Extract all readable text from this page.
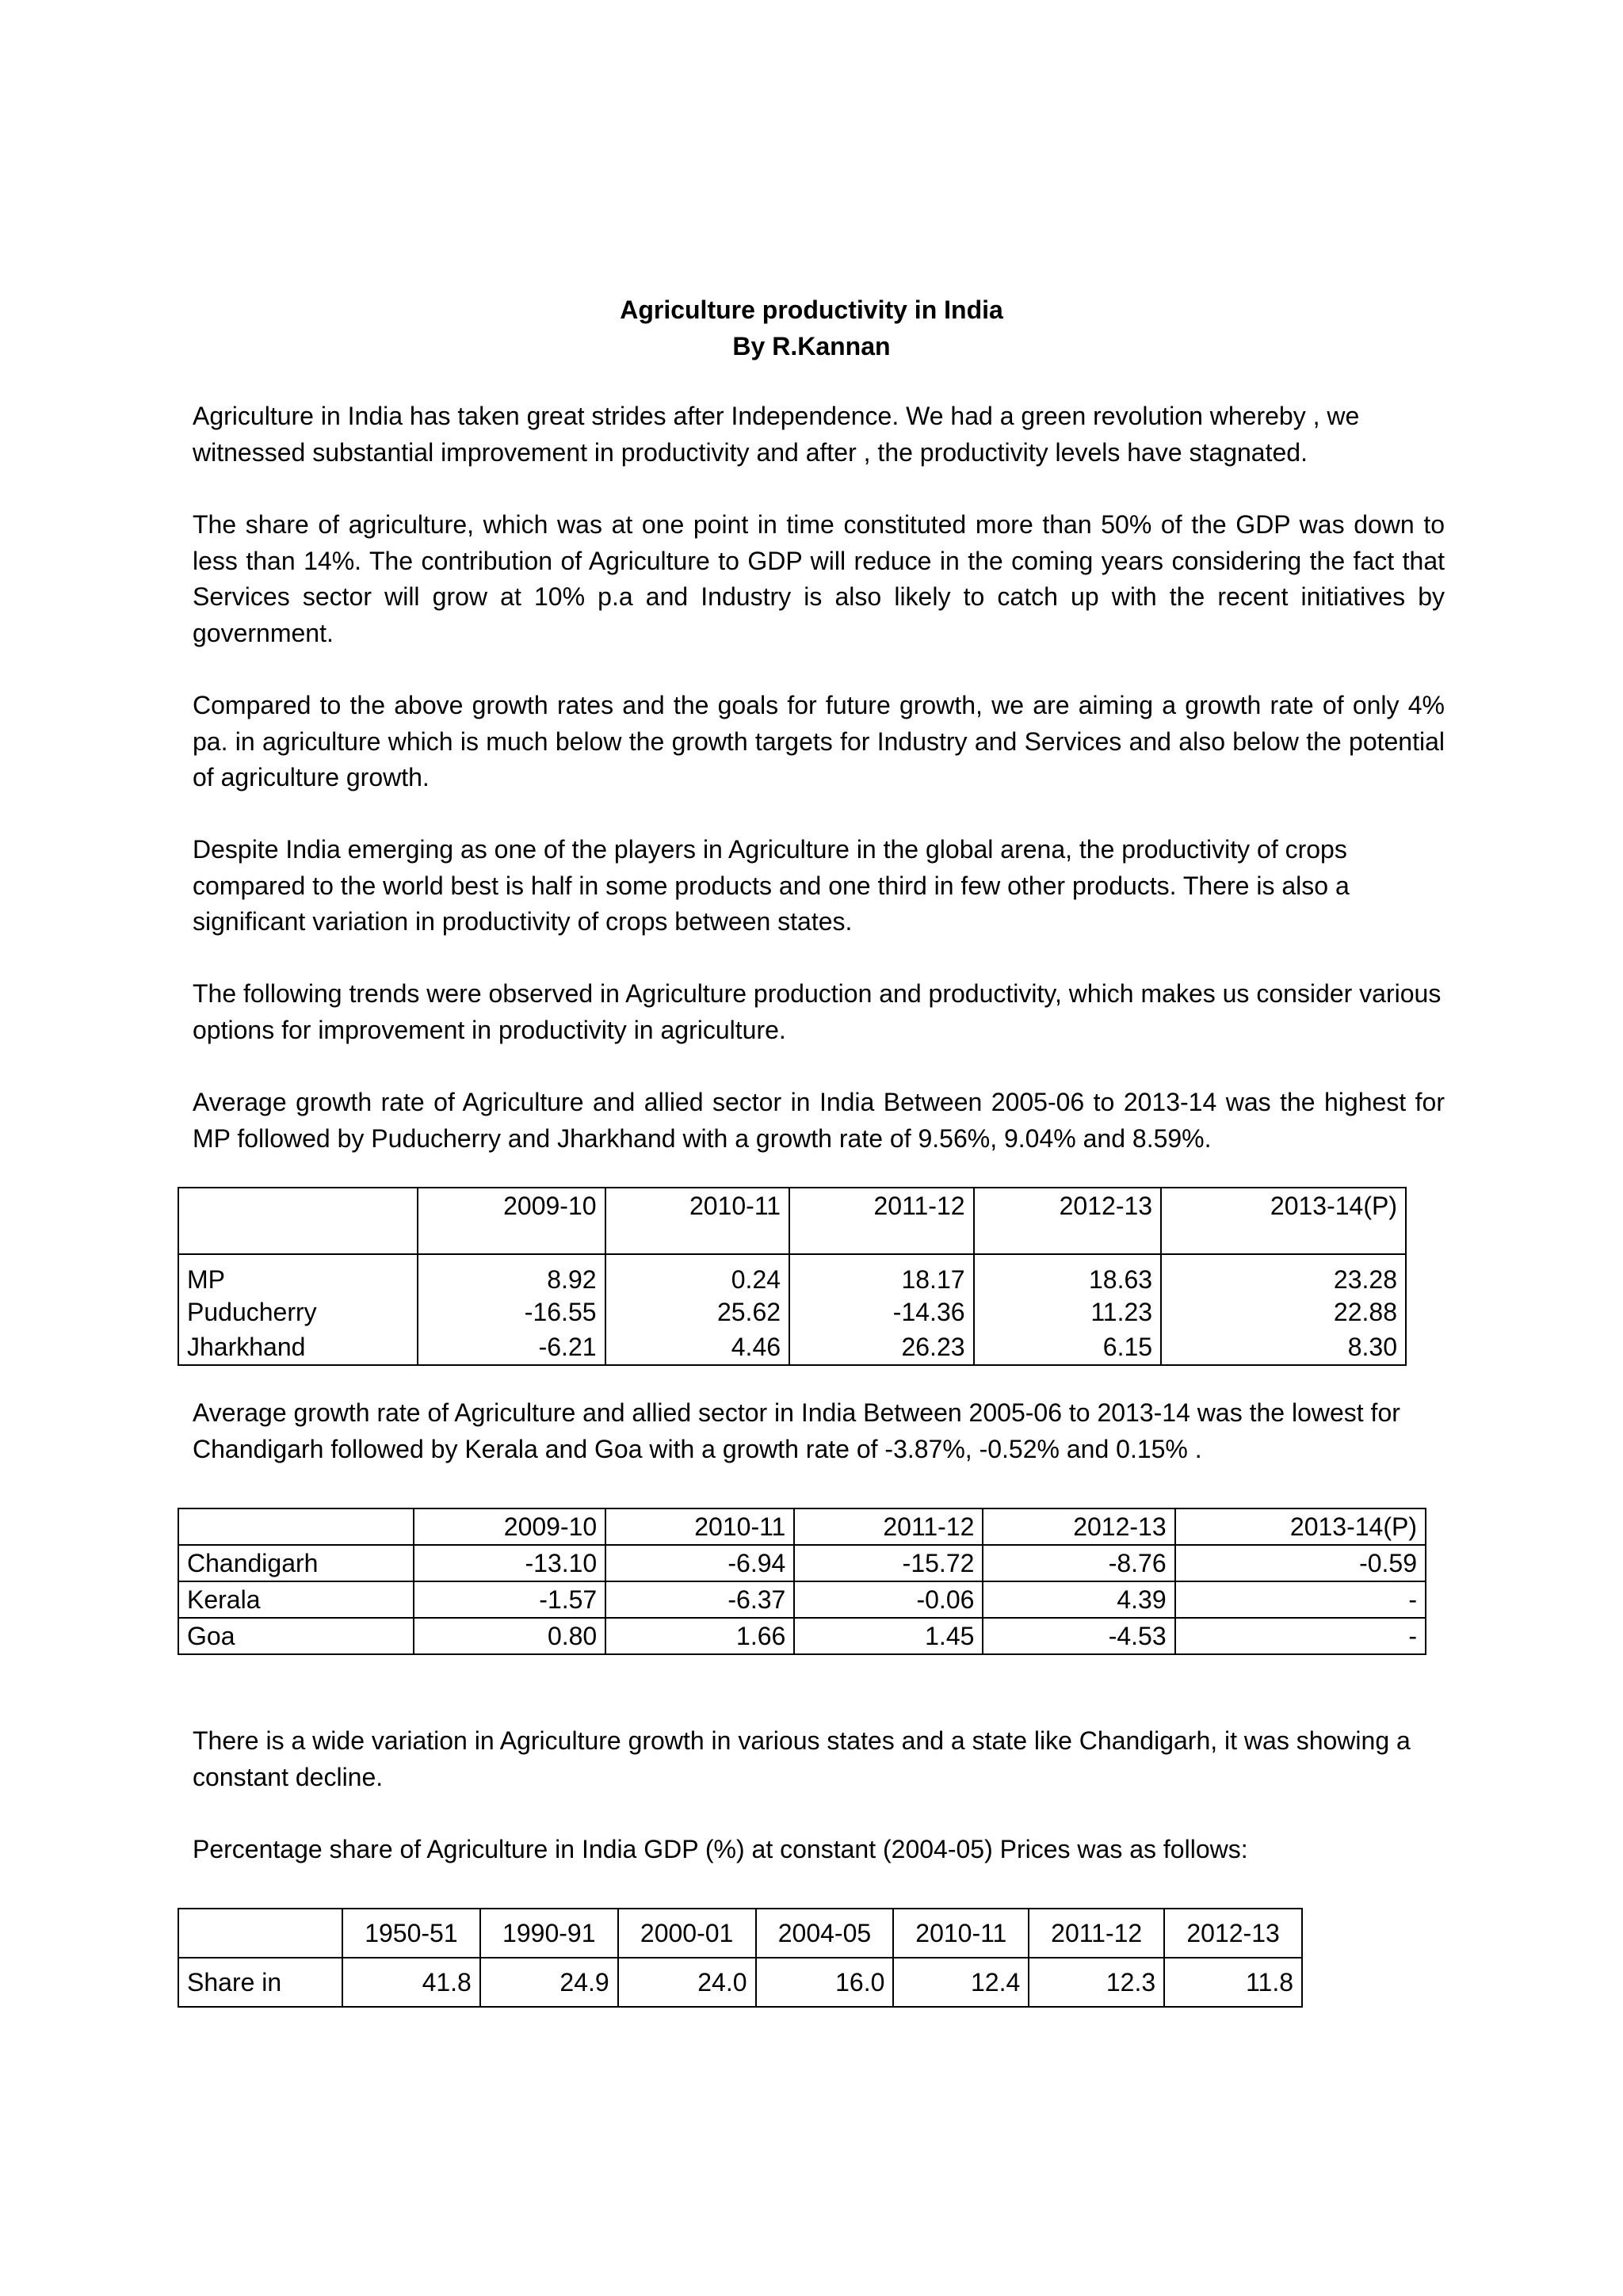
Agriculture productivity in India
By R.Kannan

Agriculture in India has taken great strides after Independence. We had a green revolution whereby , we witnessed substantial improvement in productivity and after , the productivity levels have stagnated.

The share of agriculture, which was at one point in time constituted more than 50% of the GDP was down to less than 14%. The contribution of Agriculture to GDP will reduce in the coming years considering the fact that Services sector will grow at 10% p.a and Industry is also likely to catch up with the recent initiatives by government.

Compared to the above growth rates and the goals for future growth, we are aiming a growth rate of only 4% pa. in agriculture which is much below the growth targets for Industry and Services and also below the potential of agriculture growth.

Despite India emerging as one of the players in Agriculture in the global arena, the productivity of crops compared to the world best is half in some products and one third in few other products. There is also a significant variation in productivity of crops between states.

The following trends were observed in Agriculture production and productivity, which makes us consider various options for improvement in productivity in agriculture.

Average growth rate of Agriculture and allied sector in India Between 2005-06 to 2013-14 was the highest for MP followed by Puducherry and Jharkhand with a growth rate of 9.56%, 9.04% and 8.59%.

	2009-10	2010-11	2011-12	2012-13	2013-14(P)
MP	8.92	0.24	18.17	18.63	23.28
Puducherry	-16.55	25.62	-14.36	11.23	22.88
Jharkhand	-6.21	4.46	26.23	6.15	8.30

Average growth rate of Agriculture and allied sector in India Between 2005-06 to 2013-14 was the lowest for Chandigarh followed by Kerala and Goa with a growth rate of -3.87%, -0.52% and 0.15% .

	2009-10	2010-11	2011-12	2012-13	2013-14(P)
Chandigarh	-13.10	-6.94	-15.72	-8.76	-0.59
Kerala	-1.57	-6.37	-0.06	4.39	-
Goa	0.80	1.66	1.45	-4.53	-

There is a wide variation in Agriculture growth in various states and a state like Chandigarh, it was showing a constant decline.

Percentage share of Agriculture in India GDP (%) at constant (2004-05) Prices was as follows:

	1950-51	1990-91	2000-01	2004-05	2010-11	2011-12	2012-13
Share in	41.8	24.9	24.0	16.0	12.4	12.3	11.8
